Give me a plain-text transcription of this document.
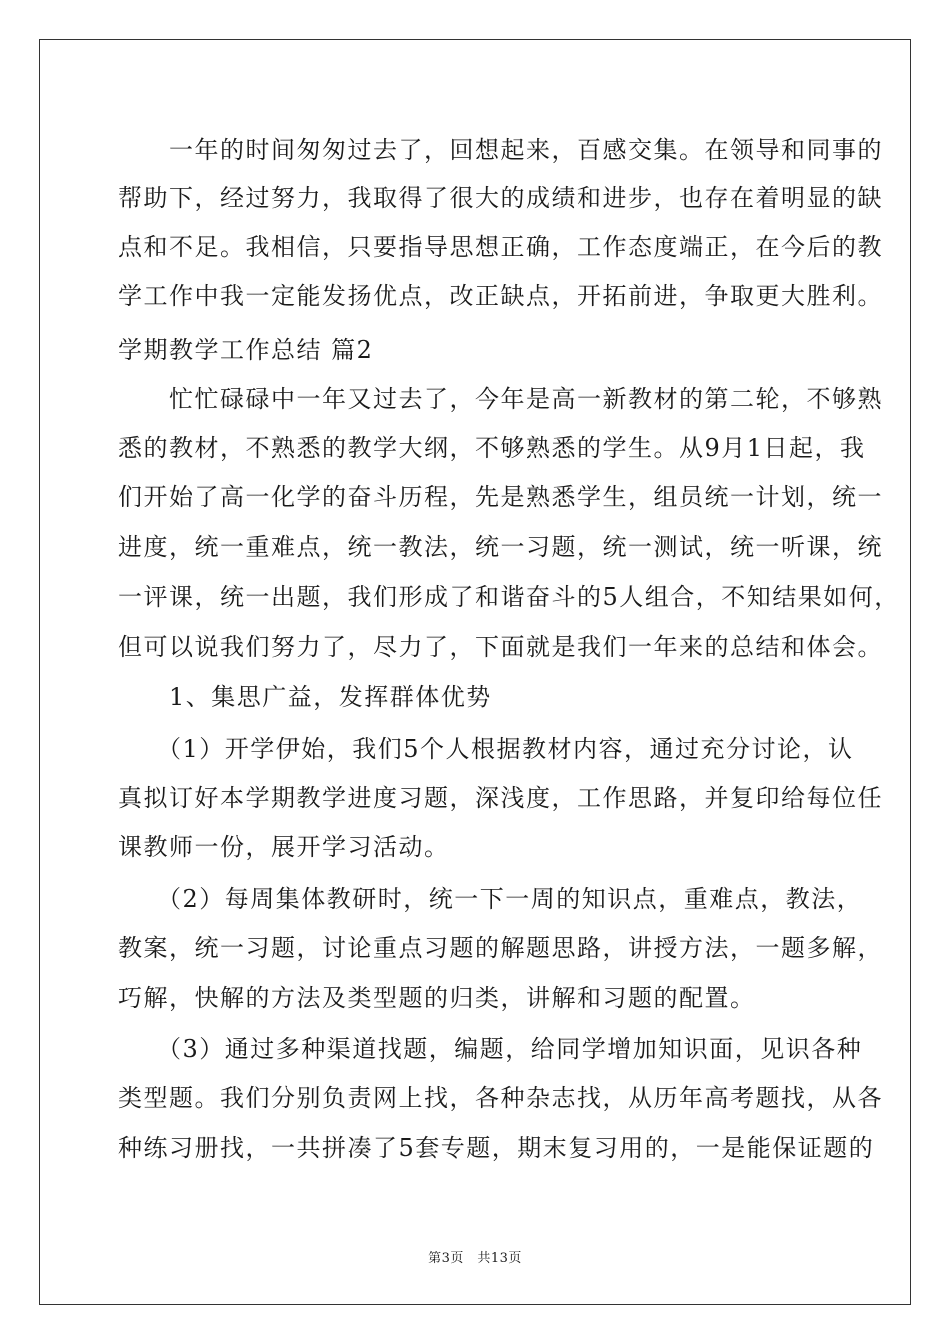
　　一年的时间匆匆过去了，回想起来，百感交集。在领导和同事的
帮助下，经过努力，我取得了很大的成绩和进步，也存在着明显的缺
点和不足。我相信，只要指导思想正确，工作态度端正，在今后的教
学工作中我一定能发扬优点，改正缺点，开拓前进，争取更大胜利。
学期教学工作总结 篇2
　　忙忙碌碌中一年又过去了，今年是高一新教材的第二轮，不够熟
悉的教材，不熟悉的教学大纲，不够熟悉的学生。从9月1日起，我
们开始了高一化学的奋斗历程，先是熟悉学生，组员统一计划，统一
进度，统一重难点，统一教法，统一习题，统一测试，统一听课，统
一评课，统一出题，我们形成了和谐奋斗的5人组合，不知结果如何，
但可以说我们努力了，尽力了，下面就是我们一年来的总结和体会。
　　1、集思广益，发挥群体优势
　　（1）开学伊始，我们5个人根据教材内容，通过充分讨论，认
真拟订好本学期教学进度习题，深浅度，工作思路，并复印给每位任
课教师一份，展开学习活动。
　　（2）每周集体教研时，统一下一周的知识点，重难点，教法，
教案，统一习题，讨论重点习题的解题思路，讲授方法，一题多解，
巧解，快解的方法及类型题的归类，讲解和习题的配置。
　　（3）通过多种渠道找题，编题，给同学增加知识面，见识各种
类型题。我们分别负责网上找，各种杂志找，从历年高考题找，从各
种练习册找，一共拼凑了5套专题，期末复习用的，一是能保证题的
第3页　共13页
